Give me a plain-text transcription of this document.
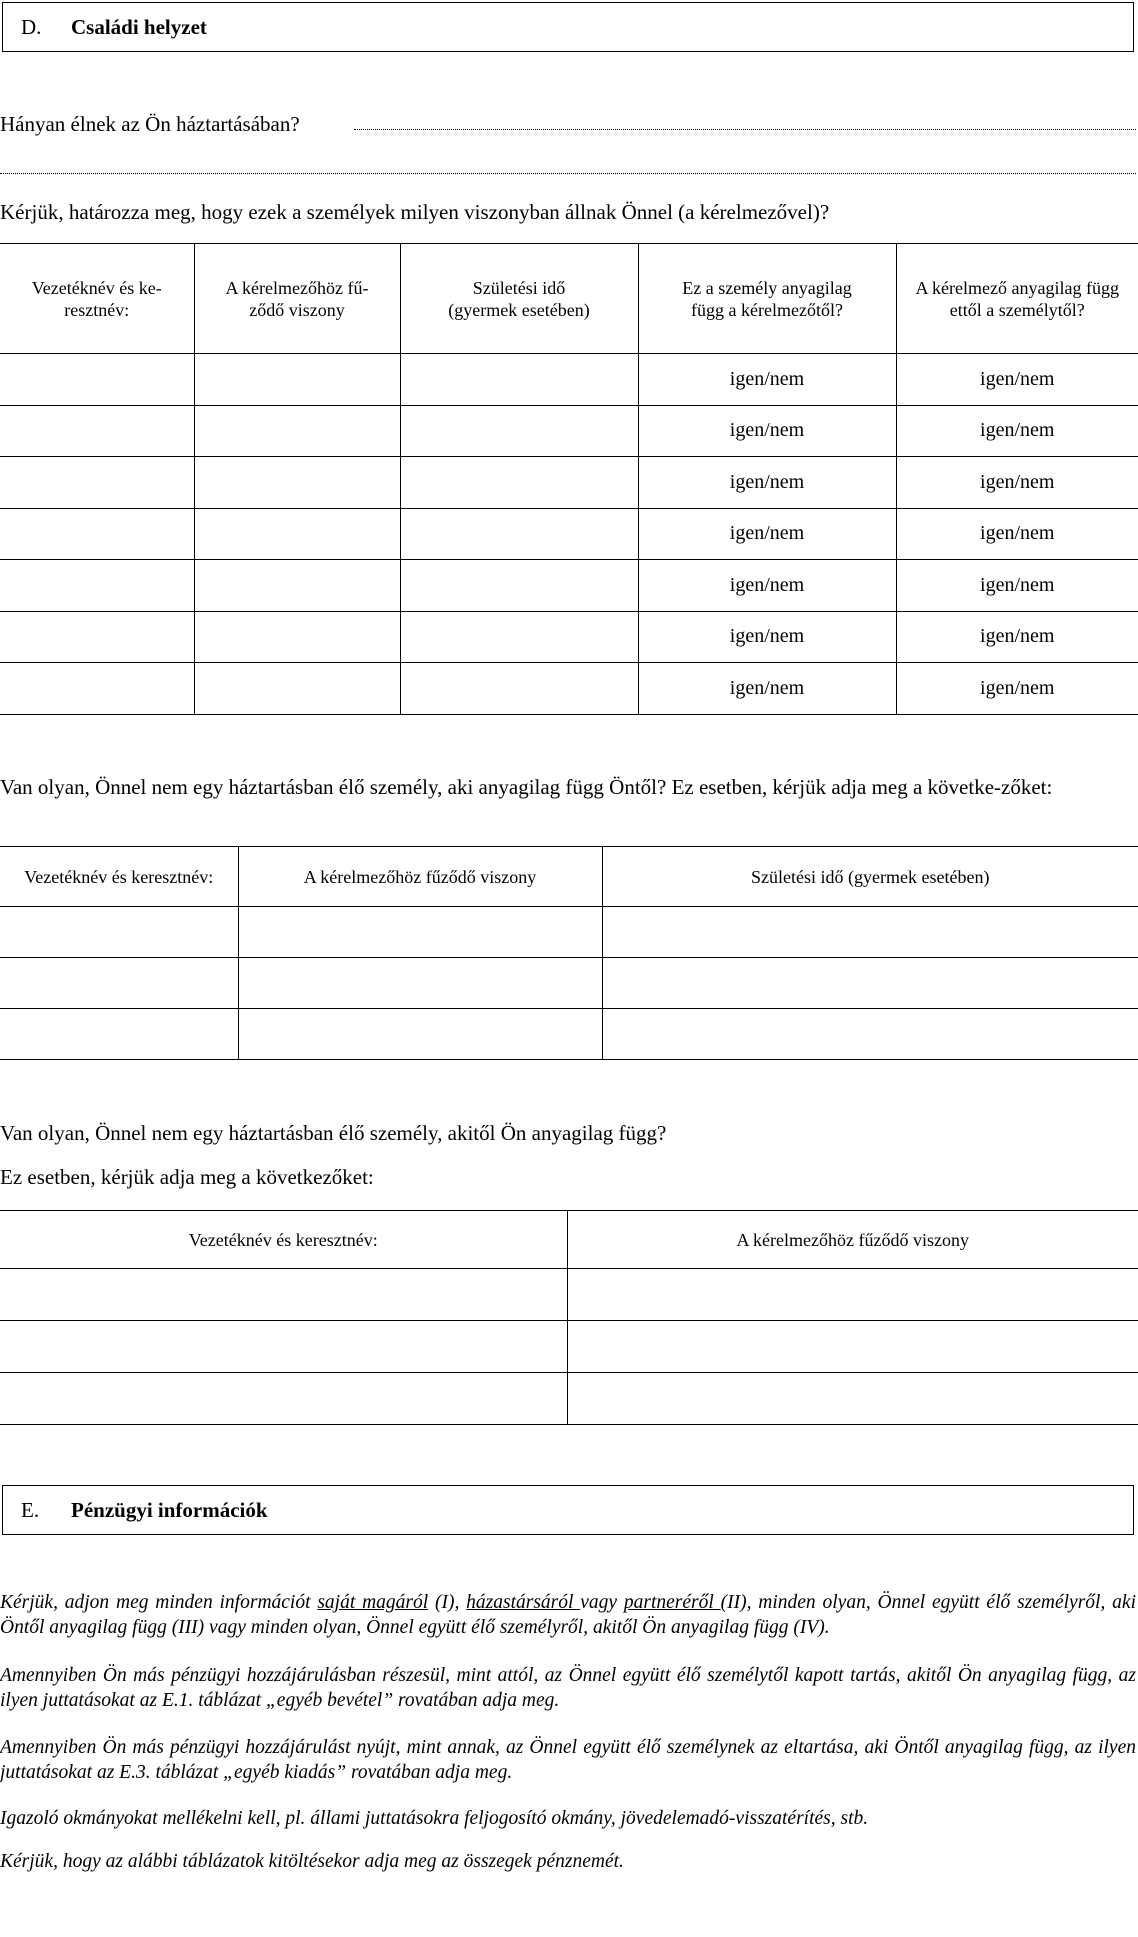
D.	Családi helyzet
Hányan élnek az Ön háztartásában?
Kérjük, határozza meg, hogy ezek a személyek milyen viszonyban állnak Önnel (a kérelmezővel)?
Vezetéknév és ke-resztnév:	A kérelmezőhöz fű-ződő viszony	Születési idő (gyermek esetében)	Ez a személy anyagilag függ a kérelmezőtől?	A kérelmező anyagilag függ ettől a személytől?
			igen/nem	igen/nem
			igen/nem	igen/nem
			igen/nem	igen/nem
			igen/nem	igen/nem
			igen/nem	igen/nem
			igen/nem	igen/nem
			igen/nem	igen/nem
Van olyan, Önnel nem egy háztartásban élő személy, aki anyagilag függ Öntől? Ez esetben, kérjük adja meg a követke-zőket:
Vezetéknév és keresztnév:	A kérelmezőhöz fűződő viszony	Születési idő (gyermek esetében)

Van olyan, Önnel nem egy háztartásban élő személy, akitől Ön anyagilag függ?
Ez esetben, kérjük adja meg a következőket:
Vezetéknév és keresztnév:	A kérelmezőhöz fűződő viszony

E.	Pénzügyi információk
Kérjük, adjon meg minden információt saját magáról (I), házastársáról vagy partneréről (II), minden olyan, Önnel együtt élő személyről, aki Öntől anyagilag függ (III) vagy minden olyan, Önnel együtt élő személyről, akitől Ön anyagilag függ (IV).
Amennyiben Ön más pénzügyi hozzájárulásban részesül, mint attól, az Önnel együtt élő személytől kapott tartás, akitől Ön anyagilag függ, az ilyen juttatásokat az E.1. táblázat „egyéb bevétel” rovatában adja meg.
Amennyiben Ön más pénzügyi hozzájárulást nyújt, mint annak, az Önnel együtt élő személynek az eltartása, aki Öntől anyagilag függ, az ilyen juttatásokat az E.3. táblázat „egyéb kiadás” rovatában adja meg.
Igazoló okmányokat mellékelni kell, pl. állami juttatásokra feljogosító okmány, jövedelemadó-visszatérítés, stb.
Kérjük, hogy az alábbi táblázatok kitöltésekor adja meg az összegek pénznemét.
